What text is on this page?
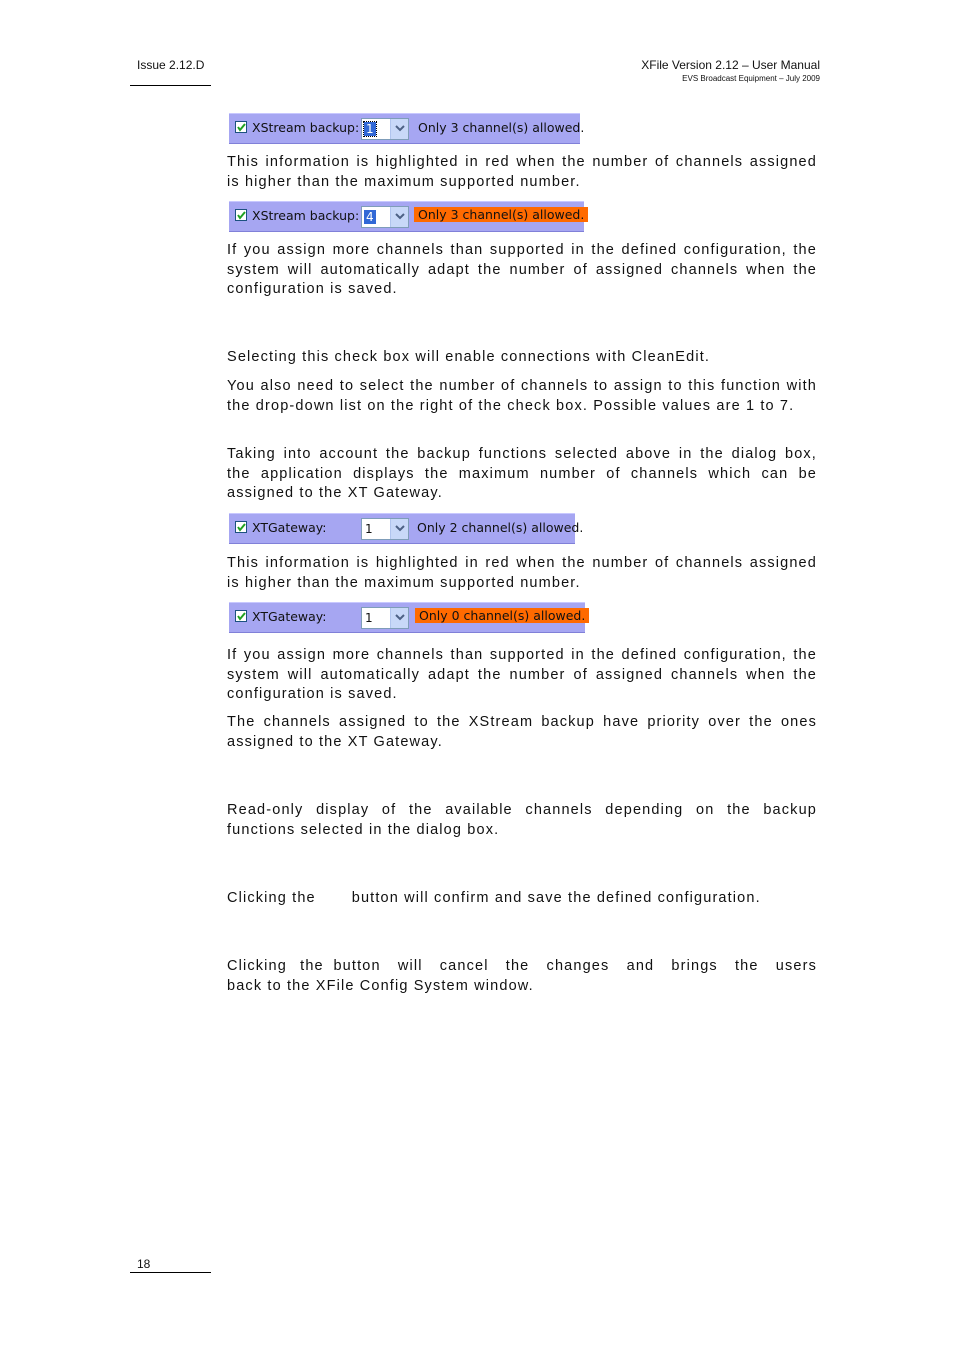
Issue 2.12.D	XFile Version 2.12 – User Manual
EVS Broadcast Equipment – July 2009
XStream backup: 1	Only 3 channel(s) allowed.

This information is highlighted in red when the number of channels assigned is higher than the maximum supported number.

XStream backup: 4	Only 3 channel(s) allowed.

If you assign more channels than supported in the defined configuration, the system will automatically adapt the number of assigned channels when the configuration is saved.

Selecting this check box will enable connections with CleanEdit.

You also need to select the number of channels to assign to this function with the drop-down list on the right of the check box. Possible values are 1 to 7.

Taking into account the backup functions selected above in the dialog box, the application displays the maximum number of channels which can be assigned to the XT Gateway.

XTGateway:	1	Only 2 channel(s) allowed.

This information is highlighted in red when the number of channels assigned is higher than the maximum supported number.

XTGateway:	1	Only 0 channel(s) allowed.

If you assign more channels than supported in the defined configuration, the system will automatically adapt the number of assigned channels when the configuration is saved.

The channels assigned to the XStream backup have priority over the ones assigned to the XT Gateway.

Read-only display of the available channels depending on the backup functions selected in the dialog box.

Clicking the button will confirm and save the defined configuration.

Clicking the button will cancel the changes and brings the users
back to the XFile Config System window.
18
